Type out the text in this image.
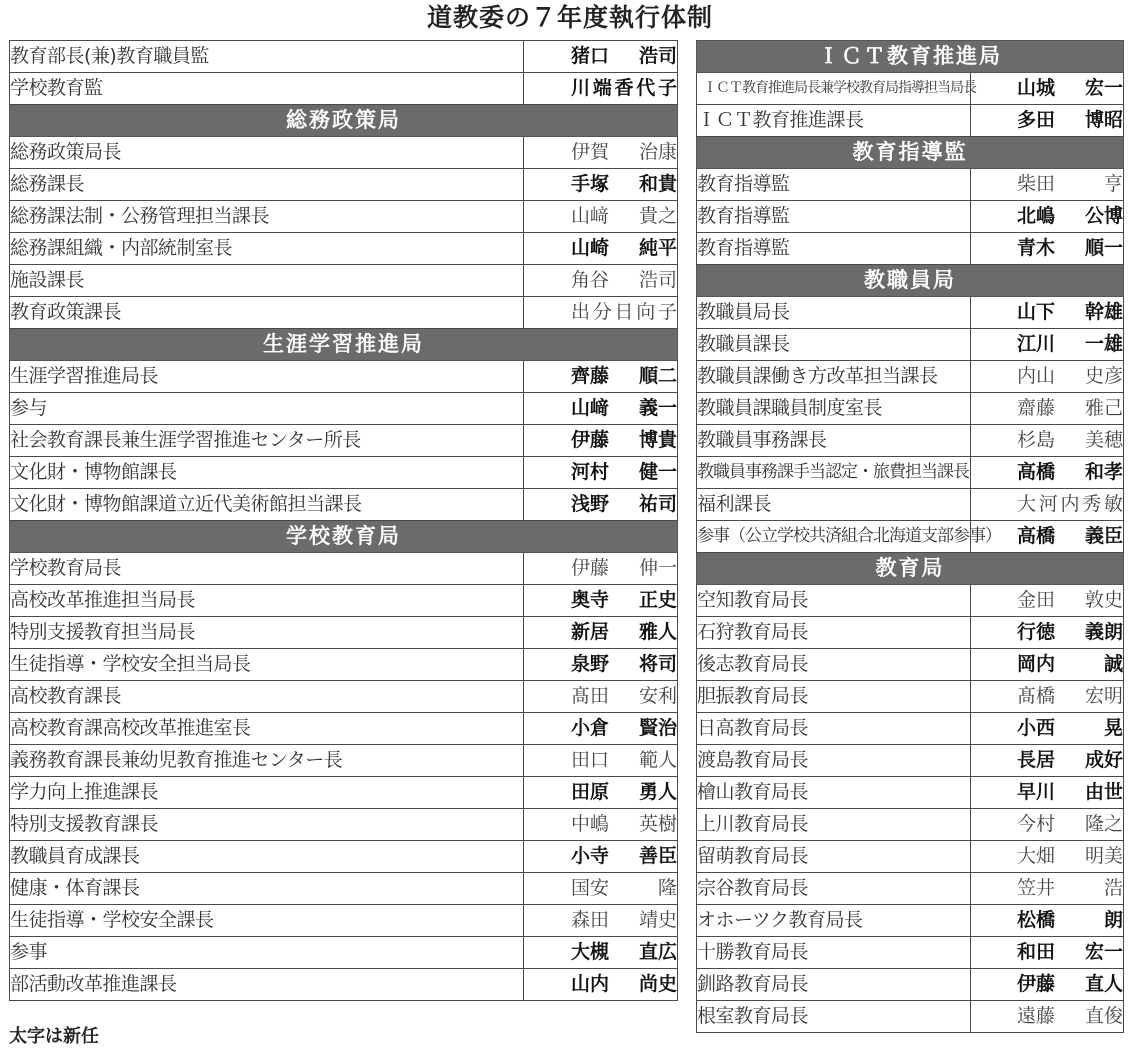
道教委の７年度執行体制
教育部長(兼)教育職員監	猪口 浩司
学校教育監	川端香代子
総務政策局	
総務政策局長	伊賀 治康
総務課長	手塚 和貴
総務課法制・公務管理担当課長	山﨑 貴之
総務課組織・内部統制室長	山崎 純平
施設課長	角谷 浩司
教育政策課長	出分日向子
生涯学習推進局	
生涯学習推進局長	齊藤 順二
参与	山﨑 義一
社会教育課長兼生涯学習推進センター所長	伊藤 博貴
文化財・博物館課長	河村 健一
文化財・博物館課道立近代美術館担当課長	浅野 祐司
学校教育局	
学校教育局長	伊藤 伸一
高校改革推進担当局長	奥寺 正史
特別支援教育担当局長	新居 雅人
生徒指導・学校安全担当局長	泉野 将司
高校教育課長	髙田 安利
高校教育課高校改革推進室長	小倉 賢治
義務教育課長兼幼児教育推進センター長	田口 範人
学力向上推進課長	田原 勇人
特別支援教育課長	中嶋 英樹
教職員育成課長	小寺 善臣
健康・体育課長	国安 隆
生徒指導・学校安全課長	森田 靖史
参事	大槻 直広
部活動改革推進課長	山内 尚史
ＩＣＴ教育推進局	
ＩＣＴ教育推進局長兼学校教育局指導担当局長	山城 宏一
ＩＣＴ教育推進課長	多田 博昭
教育指導監	
教育指導監	柴田 亨
教育指導監	北嶋 公博
教育指導監	青木 順一
教職員局	
教職員局長	山下 幹雄
教職員課長	江川 一雄
教職員課働き方改革担当課長	内山 史彦
教職員課職員制度室長	齋藤 雅己
教職員事務課長	杉島 美穂
教職員事務課手当認定・旅費担当課長	高橋 和孝
福利課長	大河内秀敏
参事（公立学校共済組合北海道支部参事）	高橋 義臣
教育局	
空知教育局長	金田 敦史
石狩教育局長	行徳 義朗
後志教育局長	岡内 誠
胆振教育局長	髙橋 宏明
日高教育局長	小西 晃
渡島教育局長	長居 成好
檜山教育局長	早川 由世
上川教育局長	今村 隆之
留萌教育局長	大畑 明美
宗谷教育局長	笠井 浩
オホーツク教育局長	松橋 朗
十勝教育局長	和田 宏一
釧路教育局長	伊藤 直人
根室教育局長	遠藤 直俊
太字は新任
